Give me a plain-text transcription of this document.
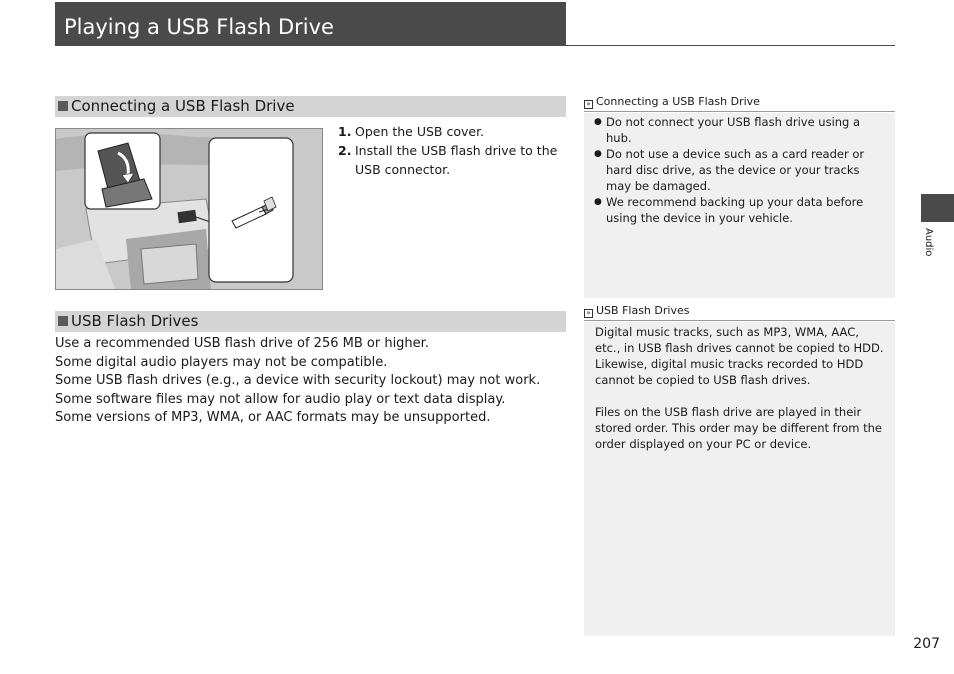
Playing a USB Flash Drive
Connecting a USB Flash Drive
1. Open the USB cover.
2. Install the USB flash drive to the USB connector.
USB Flash Drives

Use a recommended USB flash drive of 256 MB or higher.

Some digital audio players may not be compatible.

Some USB flash drives (e.g., a device with security lockout) may not work.

Some software files may not allow for audio play or text data display.

Some versions of MP3, WMA, or AAC formats may be unsupported.

» Connecting a USB Flash Drive
● Do not connect your USB flash drive using a hub.
● Do not use a device such as a card reader or hard disc drive, as the device or your tracks may be damaged.
● We recommend backing up your data before using the device in your vehicle.
» USB Flash Drives

Digital music tracks, such as MP3, WMA, AAC, etc., in USB flash drives cannot be copied to HDD. Likewise, digital music tracks recorded to HDD cannot be copied to USB flash drives.

Files on the USB flash drive are played in their stored order. This order may be different from the order displayed on your PC or device.

Audio
207
